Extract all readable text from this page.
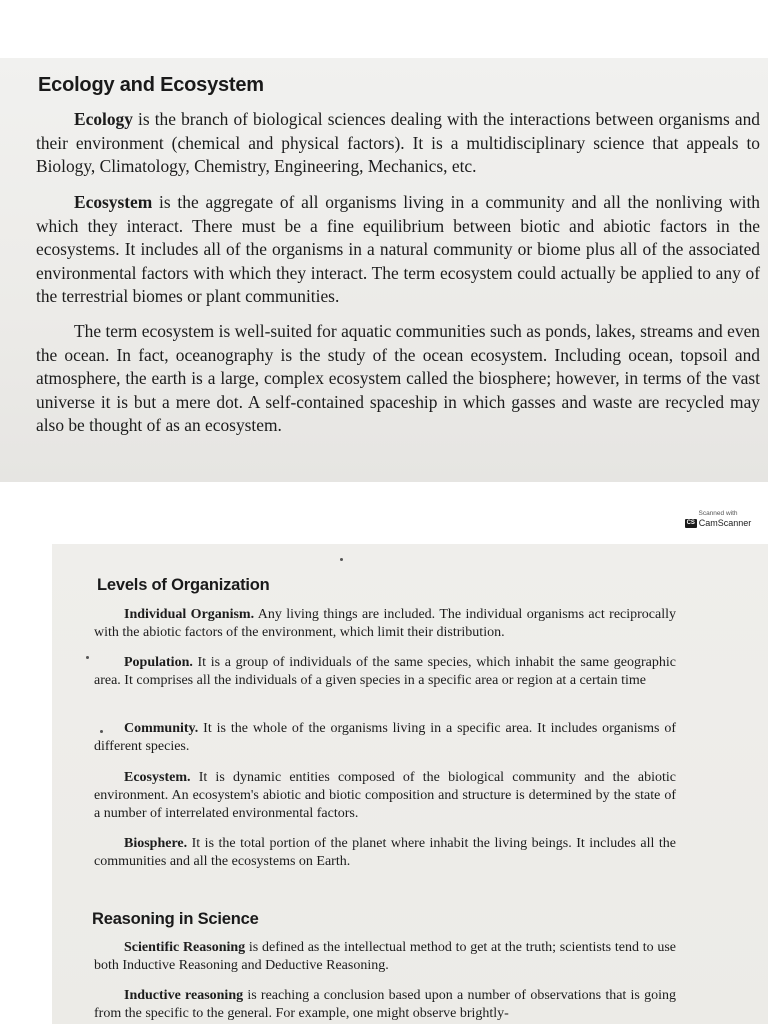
Ecology and Ecosystem

Ecology is the branch of biological sciences dealing with the interactions between organisms and their environment (chemical and physical factors). It is a multidisciplinary science that appeals to Biology, Climatology, Chemistry, Engineering, Mechanics, etc.

Ecosystem is the aggregate of all organisms living in a community and all the nonliving with which they interact. There must be a fine equilibrium between biotic and abiotic factors in the ecosystems. It includes all of the organisms in a natural community or biome plus all of the associated environmental factors with which they interact. The term ecosystem could actually be applied to any of the terrestrial biomes or plant communities.

The term ecosystem is well-suited for aquatic communities such as ponds, lakes, streams and even the ocean. In fact, oceanography is the study of the ocean ecosystem. Including ocean, topsoil and atmosphere, the earth is a large, complex ecosystem called the biosphere; however, in terms of the vast universe it is but a mere dot. A self-contained spaceship in which gasses and waste are recycled may also be thought of as an ecosystem.

Scanned with
CS CamScanner
Levels of Organization

Individual Organism. Any living things are included. The individual organisms act reciprocally with the abiotic factors of the environment, which limit their distribution.

Population. It is a group of individuals of the same species, which inhabit the same geographic area. It comprises all the individuals of a given species in a specific area or region at a certain time

Community. It is the whole of the organisms living in a specific area. It includes organisms of different species.

Ecosystem. It is dynamic entities composed of the biological community and the abiotic environment. An ecosystem's abiotic and biotic composition and structure is determined by the state of a number of interrelated environmental factors.

Biosphere. It is the total portion of the planet where inhabit the living beings. It includes all the communities and all the ecosystems on Earth.

Reasoning in Science

Scientific Reasoning is defined as the intellectual method to get at the truth; scientists tend to use both Inductive Reasoning and Deductive Reasoning.

Inductive reasoning is reaching a conclusion based upon a number of observations that is going from the specific to the general. For example, one might observe brightly-
